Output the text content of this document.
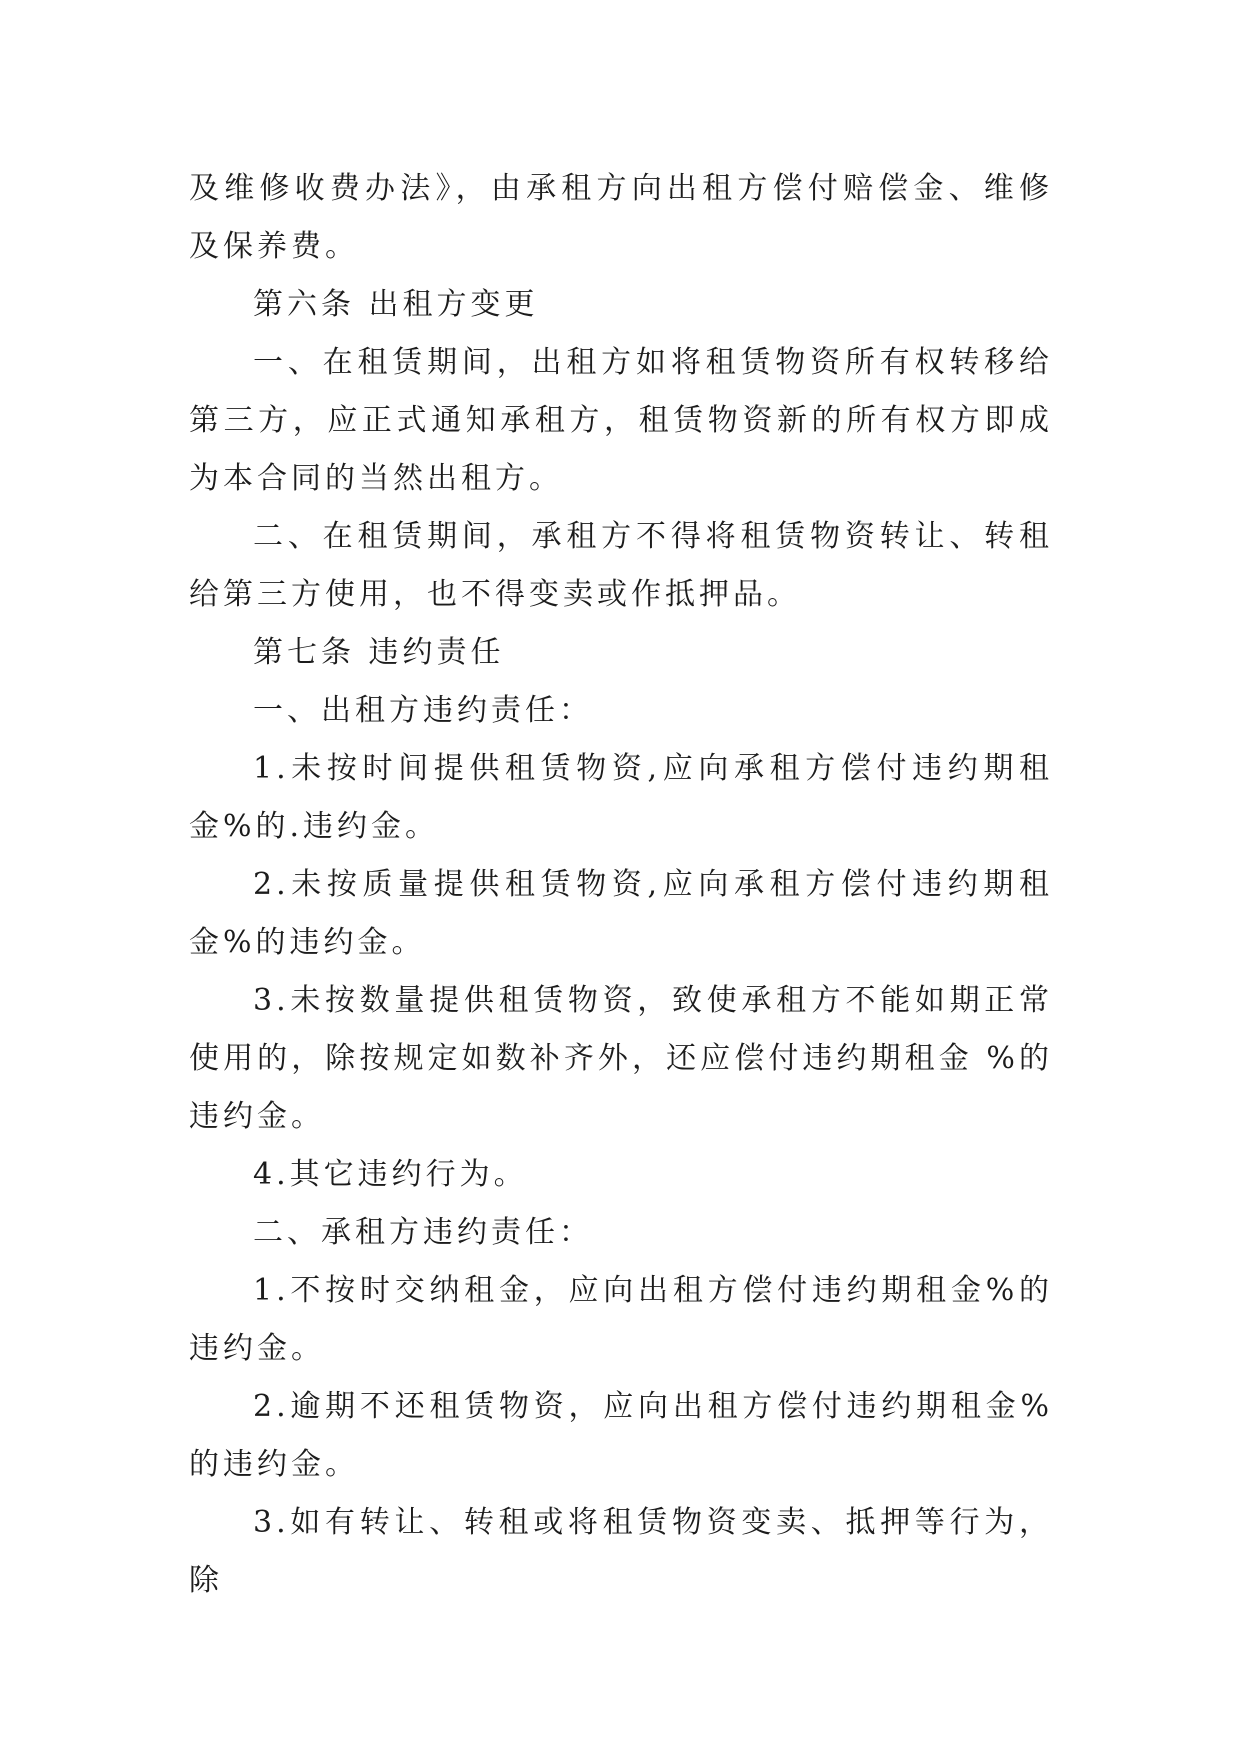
及维修收费办法》，由承租方向出租方偿付赔偿金、维修及保养费。

第六条 出租方变更

一、在租赁期间，出租方如将租赁物资所有权转移给第三方，应正式通知承租方，租赁物资新的所有权方即成为本合同的当然出租方。

二、在租赁期间，承租方不得将租赁物资转让、转租给第三方使用，也不得变卖或作抵押品。

第七条 违约责任

一、出租方违约责任：

1.未按时间提供租赁物资,应向承租方偿付违约期租金%的.违约金。

2.未按质量提供租赁物资,应向承租方偿付违约期租金%的违约金。

3.未按数量提供租赁物资，致使承租方不能如期正常使用的，除按规定如数补齐外，还应偿付违约期租金 %的违约金。

4.其它违约行为。

二、承租方违约责任：

1.不按时交纳租金，应向出租方偿付违约期租金%的违约金。

2.逾期不还租赁物资，应向出租方偿付违约期租金%的违约金。

3.如有转让、转租或将租赁物资变卖、抵押等行为，除
